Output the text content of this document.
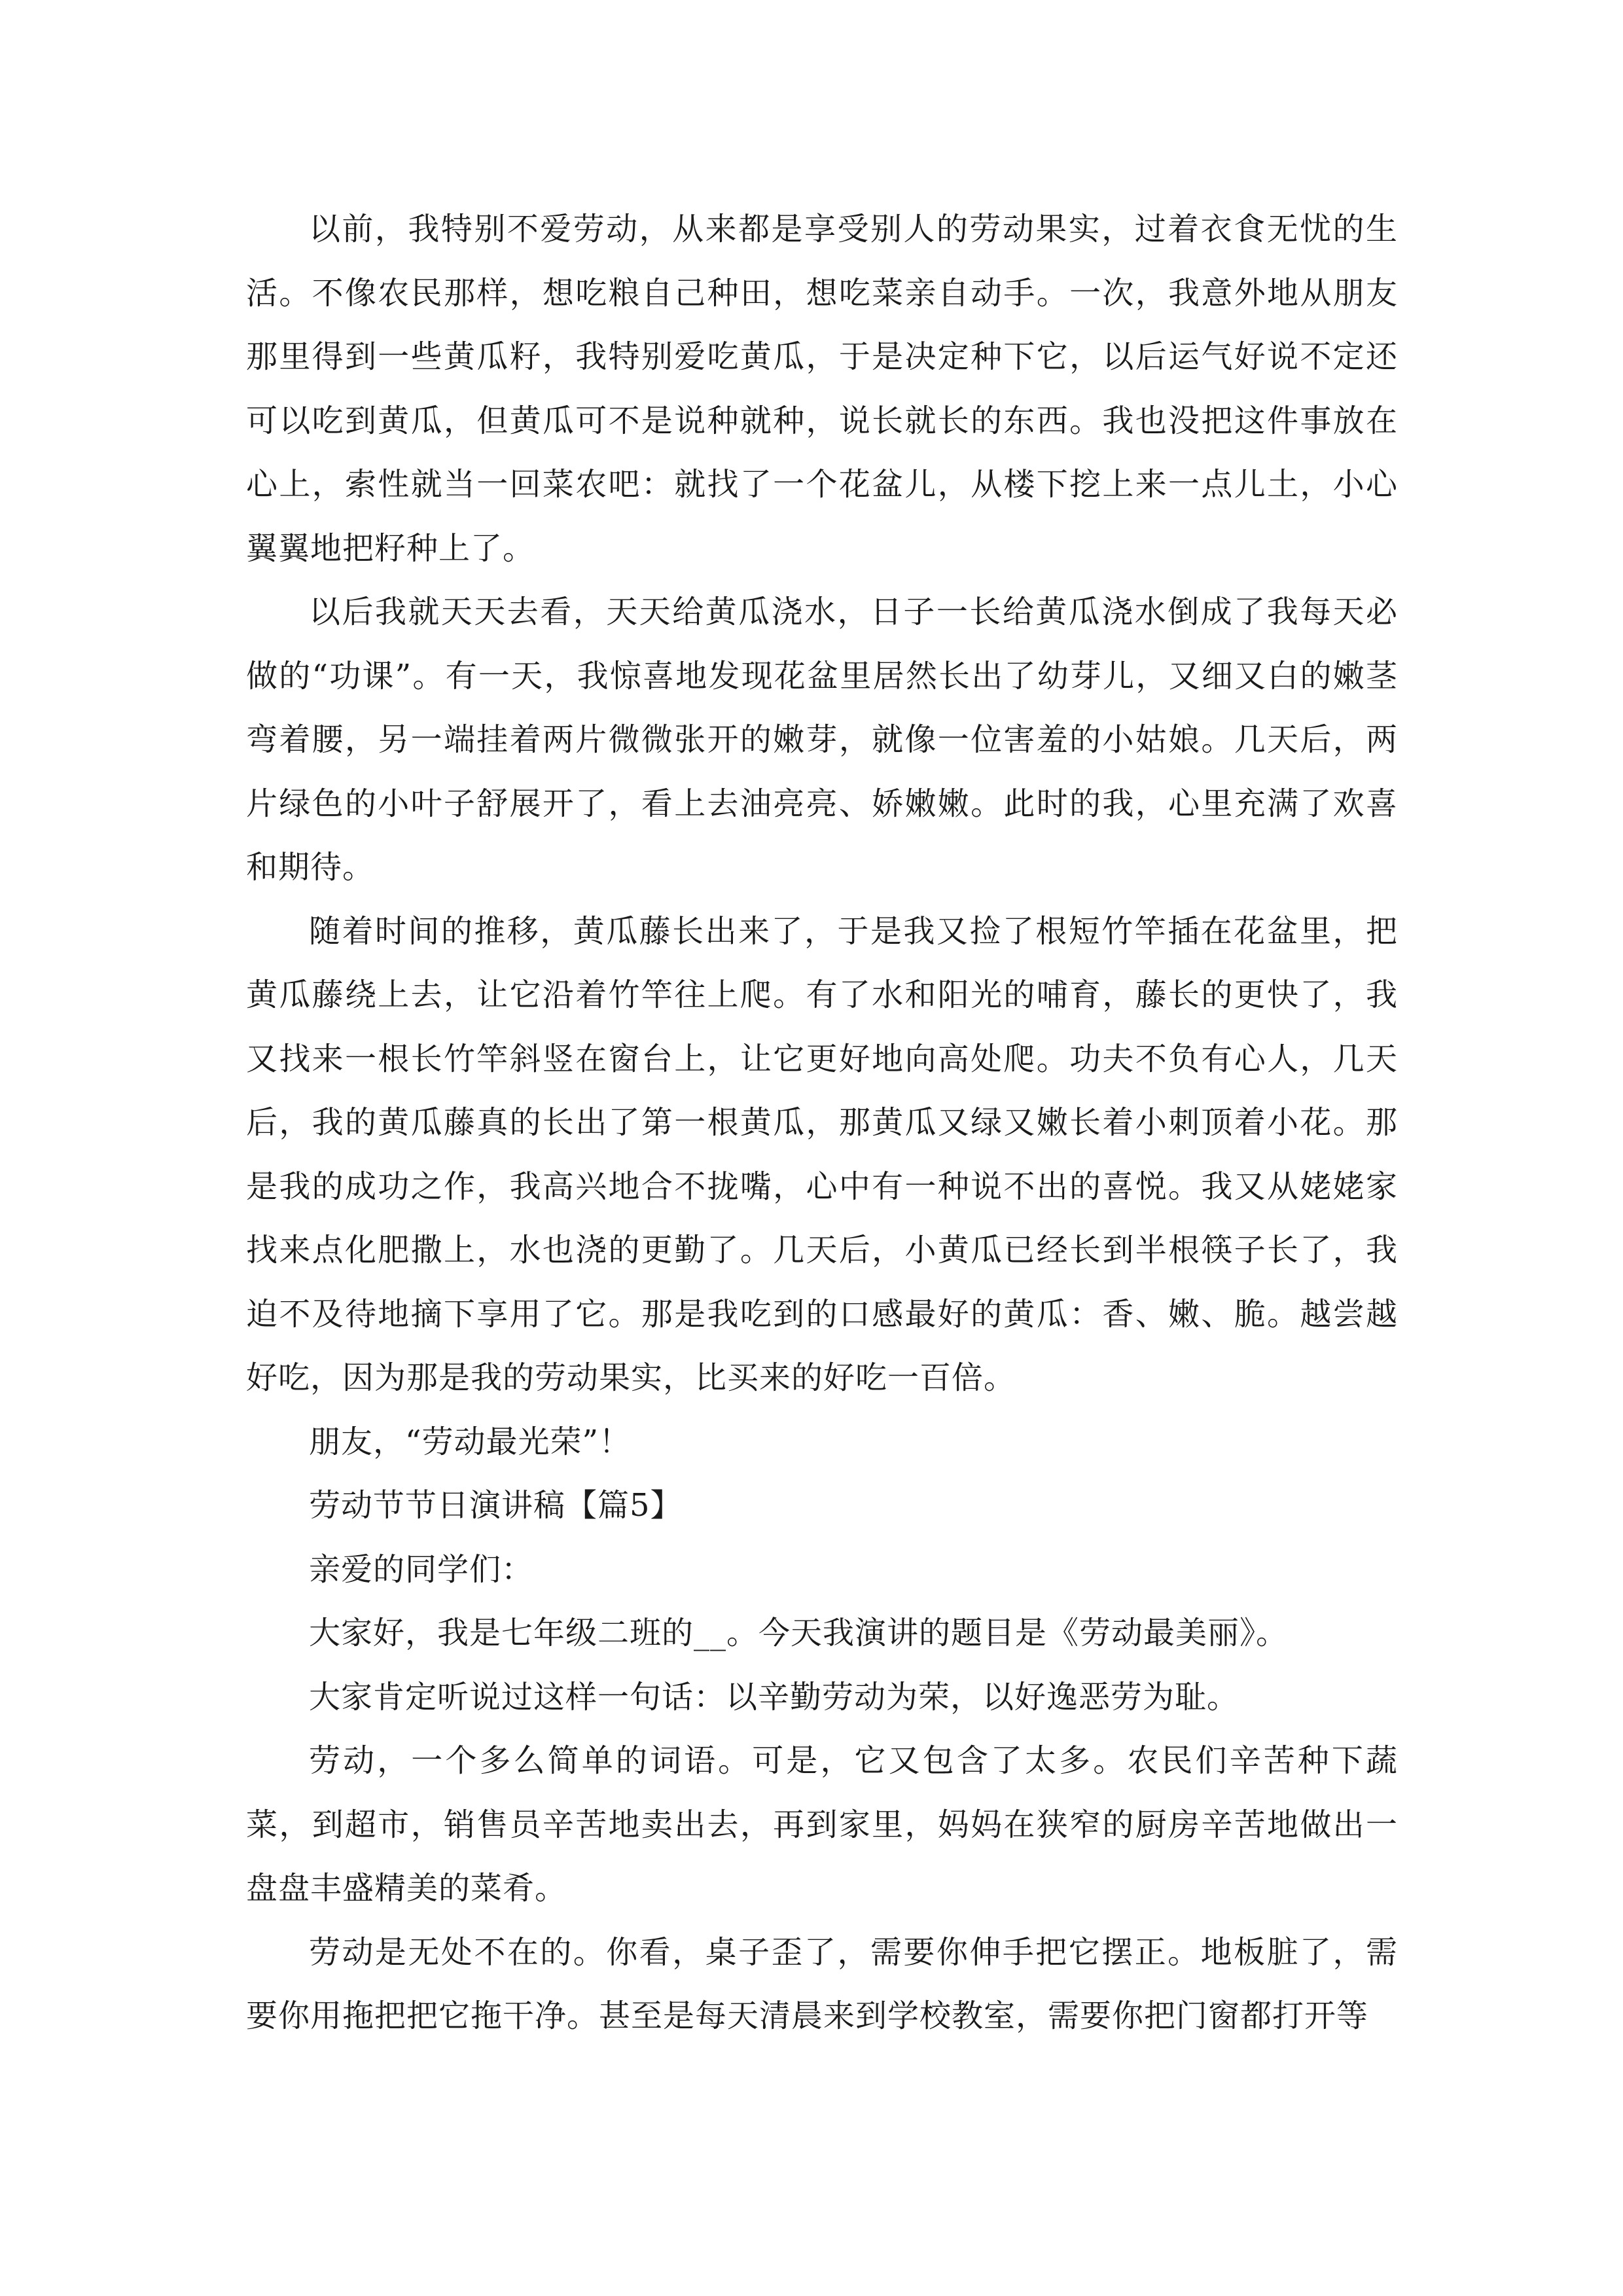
以前，我特别不爱劳动，从来都是享受别人的劳动果实，过着衣食无忧的生活。不像农民那样，想吃粮自己种田，想吃菜亲自动手。一次，我意外地从朋友那里得到一些黄瓜籽，我特别爱吃黄瓜，于是决定种下它，以后运气好说不定还可以吃到黄瓜，但黄瓜可不是说种就种，说长就长的东西。我也没把这件事放在心上，索性就当一回菜农吧：就找了一个花盆儿，从楼下挖上来一点儿土，小心翼翼地把籽种上了。

以后我就天天去看，天天给黄瓜浇水，日子一长给黄瓜浇水倒成了我每天必做的“功课”。有一天，我惊喜地发现花盆里居然长出了幼芽儿，又细又白的嫩茎弯着腰，另一端挂着两片微微张开的嫩芽，就像一位害羞的小姑娘。几天后，两片绿色的小叶子舒展开了，看上去油亮亮、娇嫩嫩。此时的我，心里充满了欢喜和期待。

随着时间的推移，黄瓜藤长出来了，于是我又捡了根短竹竿插在花盆里，把黄瓜藤绕上去，让它沿着竹竿往上爬。有了水和阳光的哺育，藤长的更快了，我又找来一根长竹竿斜竖在窗台上，让它更好地向高处爬。功夫不负有心人，几天后，我的黄瓜藤真的长出了第一根黄瓜，那黄瓜又绿又嫩长着小刺顶着小花。那是我的成功之作，我高兴地合不拢嘴，心中有一种说不出的喜悦。我又从姥姥家找来点化肥撒上，水也浇的更勤了。几天后，小黄瓜已经长到半根筷子长了，我迫不及待地摘下享用了它。那是我吃到的口感最好的黄瓜：香、嫩、脆。越尝越好吃，因为那是我的劳动果实，比买来的好吃一百倍。

朋友，“劳动最光荣”！

劳动节节日演讲稿【篇5】

亲爱的同学们：

大家好，我是七年级二班的__。今天我演讲的题目是《劳动最美丽》。

大家肯定听说过这样一句话：以辛勤劳动为荣，以好逸恶劳为耻。

劳动，一个多么简单的词语。可是，它又包含了太多。农民们辛苦种下蔬菜，到超市，销售员辛苦地卖出去，再到家里，妈妈在狭窄的厨房辛苦地做出一盘盘丰盛精美的菜肴。

劳动是无处不在的。你看，桌子歪了，需要你伸手把它摆正。地板脏了，需要你用拖把把它拖干净。甚至是每天清晨来到学校教室，需要你把门窗都打开等
